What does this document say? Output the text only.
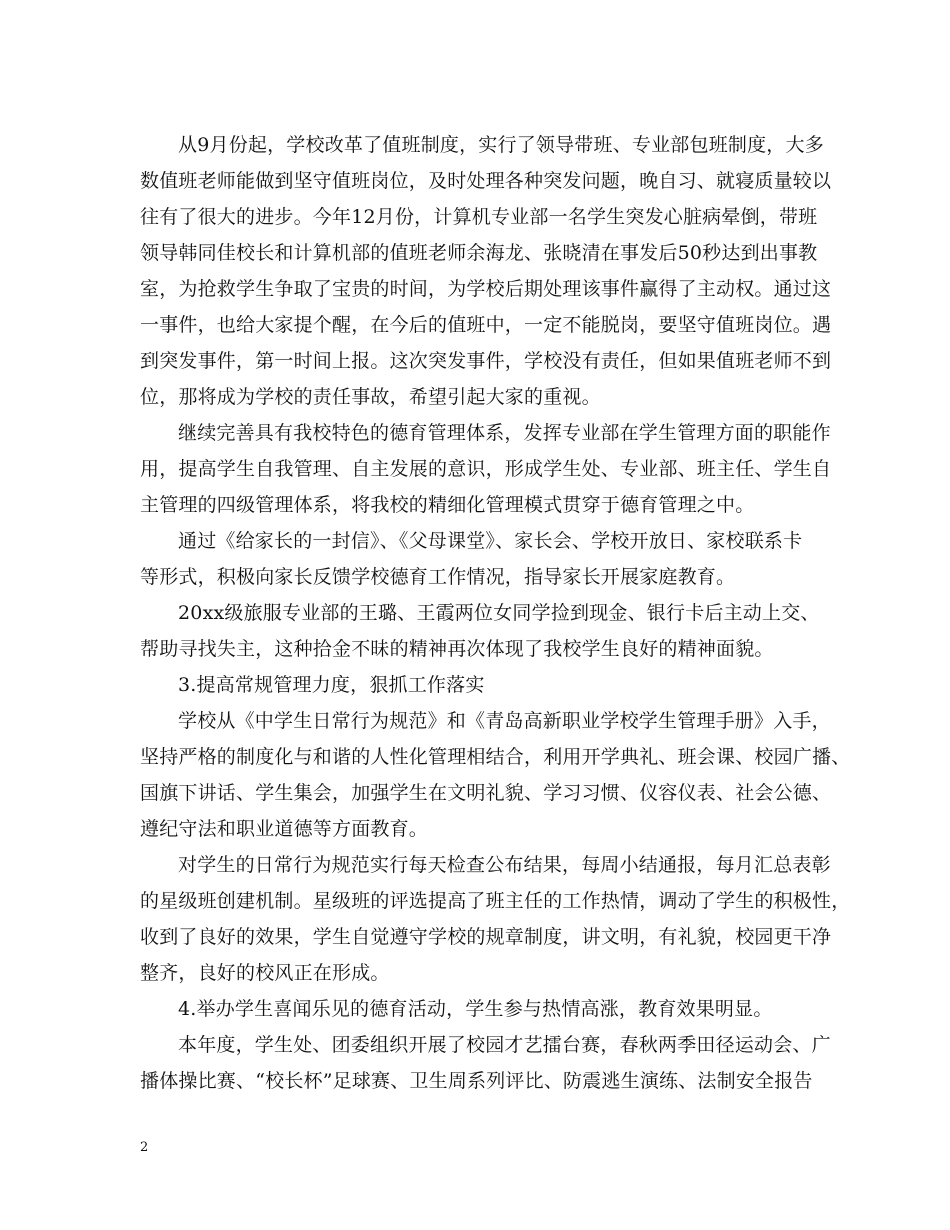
从9月份起，学校改革了值班制度，实行了领导带班、专业部包班制度，大多
数值班老师能做到坚守值班岗位，及时处理各种突发问题，晚自习、就寝质量较以
往有了很大的进步。今年12月份，计算机专业部一名学生突发心脏病晕倒，带班
领导韩同佳校长和计算机部的值班老师余海龙、张晓清在事发后50秒达到出事教
室，为抢救学生争取了宝贵的时间，为学校后期处理该事件赢得了主动权。通过这
一事件，也给大家提个醒，在今后的值班中，一定不能脱岗，要坚守值班岗位。遇
到突发事件，第一时间上报。这次突发事件，学校没有责任，但如果值班老师不到
位，那将成为学校的责任事故，希望引起大家的重视。
继续完善具有我校特色的德育管理体系，发挥专业部在学生管理方面的职能作
用，提高学生自我管理、自主发展的意识，形成学生处、专业部、班主任、学生自
主管理的四级管理体系，将我校的精细化管理模式贯穿于德育管理之中。
通过《给家长的一封信》、《父母课堂》、家长会、学校开放日、家校联系卡
等形式，积极向家长反馈学校德育工作情况，指导家长开展家庭教育。
20xx级旅服专业部的王璐、王霞两位女同学捡到现金、银行卡后主动上交、
帮助寻找失主，这种拾金不昧的精神再次体现了我校学生良好的精神面貌。
3.提高常规管理力度，狠抓工作落实
学校从《中学生日常行为规范》和《青岛高新职业学校学生管理手册》入手，
坚持严格的制度化与和谐的人性化管理相结合，利用开学典礼、班会课、校园广播、
国旗下讲话、学生集会，加强学生在文明礼貌、学习习惯、仪容仪表、社会公德、
遵纪守法和职业道德等方面教育。
对学生的日常行为规范实行每天检查公布结果，每周小结通报，每月汇总表彰
的星级班创建机制。星级班的评选提高了班主任的工作热情，调动了学生的积极性，
收到了良好的效果，学生自觉遵守学校的规章制度，讲文明，有礼貌，校园更干净
整齐，良好的校风正在形成。
4.举办学生喜闻乐见的德育活动，学生参与热情高涨，教育效果明显。
本年度，学生处、团委组织开展了校园才艺擂台赛，春秋两季田径运动会、广
播体操比赛、“校长杯”足球赛、卫生周系列评比、防震逃生演练、法制安全报告
2
